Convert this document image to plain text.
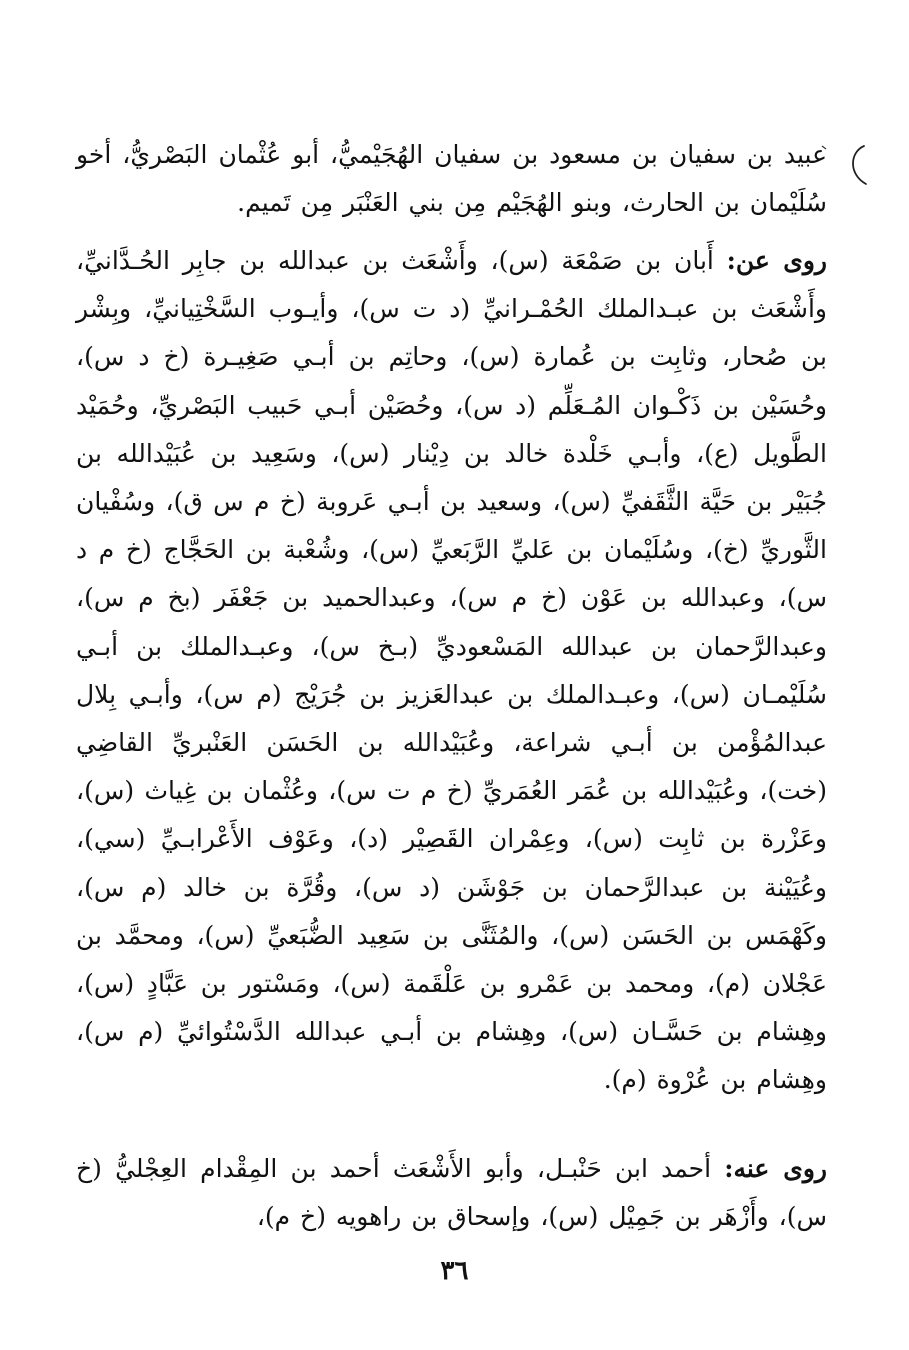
عبيد بن سفيان بن مسعود بن سفيان الهُجَيْميُّ، أبو عُثْمان البَصْريُّ، أخو سُلَيْمان بن الحارث، وبنو الهُجَيْم مِن بني العَنْبَر مِن تَميم.

روى عن: أَبان بن صَمْعَة (س)، وأَشْعَث بن عبدالله بن جابِر الحُـدَّانيِّ، وأَشْعَث بن عبـدالملك الحُمْـرانيِّ (د ت س)، وأيـوب السَّخْتِيانيِّ، وبِشْر بن صُحار، وثابِت بن عُمارة (س)، وحاتِم بن أبـي صَغِيـرة (خ د س)، وحُسَيْن بن ذَكْـوان المُـعَلِّم (د س)، وحُصَيْن أبـي حَبيب البَصْريِّ، وحُمَيْد الطَّويل (ع)، وأبـي خَلْدة خالد بن دِيْنار (س)، وسَعِيد بن عُبَيْدالله بن جُبَيْر بن حَيَّة الثَّقَفيِّ (س)، وسعيد بن أبـي عَروبة (خ م س ق)، وسُفْيان الثَّوريِّ (خ)، وسُلَيْمان بن عَليِّ الرَّبَعيِّ (س)، وشُعْبة بن الحَجَّاج (خ م د س)، وعبدالله بن عَوْن (خ م س)، وعبدالحميد بن جَعْفَر (بخ م س)، وعبدالرَّحمان بن عبدالله المَسْعوديِّ (بـخ س)، وعبـدالملك بن أبـي سُلَيْمـان (س)، وعبـدالملك بن عبدالعَزيز بن جُرَيْج (م س)، وأبـي بِلال عبدالمُؤْمن بن أبـي شراعة، وعُبَيْدالله بن الحَسَن العَنْبريِّ القاضِي (خت)، وعُبَيْدالله بن عُمَر العُمَريِّ (خ م ت س)، وعُثْمان بن غِياث (س)، وعَزْرة بن ثابِت (س)، وعِمْران القَصِيْر (د)، وعَوْف الأَعْرابـيِّ (سي)، وعُيَيْنة بن عبدالرَّحمان بن جَوْشَن (د س)، وقُرَّة بن خالد (م س)، وكَهْمَس بن الحَسَن (س)، والمُثَنَّى بن سَعِيد الضُّبَعيِّ (س)، ومحمَّد بن عَجْلان (م)، ومحمد بن عَمْرو بن عَلْقَمة (س)، ومَسْتور بن عَبَّادٍ (س)، وهِشام بن حَسَّـان (س)، وهِشام بن أبـي عبدالله الدَّسْتُوائيِّ (م س)، وهِشام بن عُرْوة (م).

روى عنه: أحمد ابن حَنْبـل، وأبو الأَشْعَث أحمد بن المِقْدام العِجْليُّ (خ س)، وأَزْهَر بن جَمِيْل (س)، وإسحاق بن راهويه (خ م)،

٣٦
